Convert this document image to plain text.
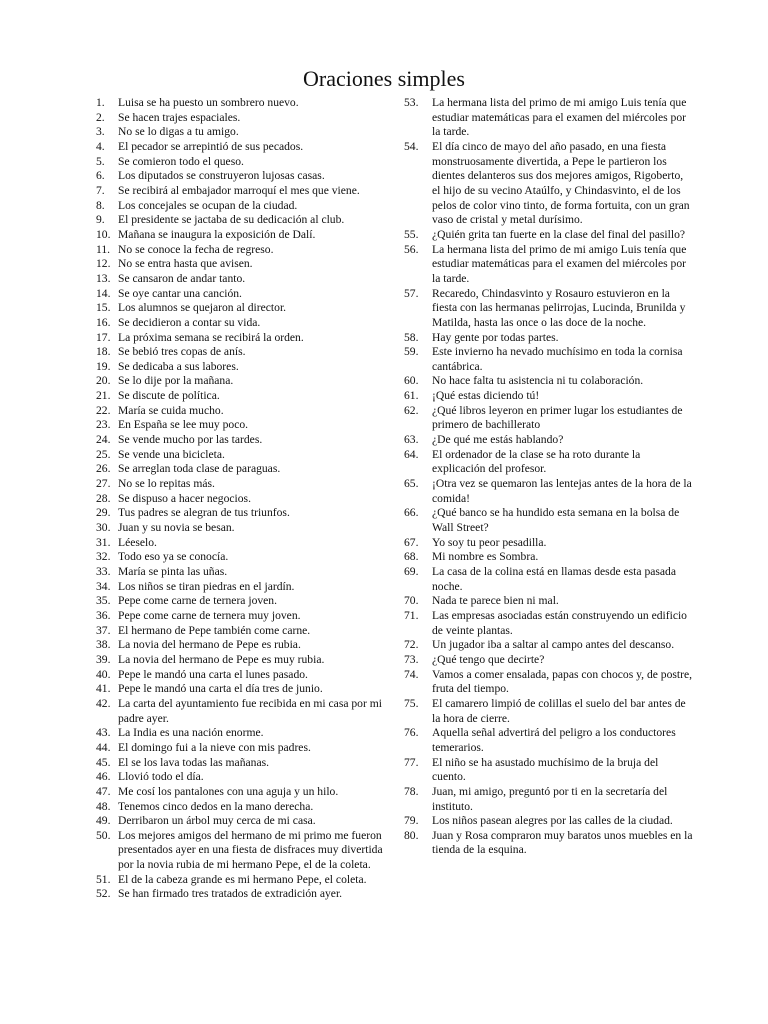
Oraciones simples
1.	Luisa se ha puesto un sombrero nuevo.
2.	Se hacen trajes espaciales.
3.	No se lo digas a tu amigo.
4.	El pecador se arrepintió de sus pecados.
5.	Se comieron todo el queso.
6.	Los diputados se construyeron lujosas casas.
7.	Se recibirá al embajador marroquí el mes que viene.
8.	Los concejales se ocupan de la ciudad.
9.	El presidente se jactaba de su dedicación al club.
10. Mañana se inaugura la exposición de Dalí.
11. No se conoce la fecha de regreso.
12. No se entra hasta que avisen.
13. Se cansaron de andar tanto.
14. Se oye cantar una canción.
15. Los alumnos se quejaron al director.
16. Se decidieron a contar su vida.
17. La próxima semana se recibirá la orden.
18. Se bebió tres copas de anís.
19. Se dedicaba a sus labores.
20. Se lo dije por la mañana.
21. Se discute de política.
22. María se cuida mucho.
23. En España se lee muy poco.
24. Se vende mucho por las tardes.
25. Se vende una bicicleta.
26. Se arreglan toda clase de paraguas.
27. No se lo repitas más.
28. Se dispuso a hacer negocios.
29. Tus padres se alegran de tus triunfos.
30. Juan y su novia se besan.
31. Léeselo.
32. Todo eso ya se conocía.
33. María se pinta las uñas.
34. Los niños se tiran piedras en el jardín.
35. Pepe come carne de ternera joven.
36. Pepe come carne de ternera muy joven.
37. El hermano de Pepe también come carne.
38. La novia del hermano de Pepe es rubia.
39. La novia del hermano de Pepe es muy rubia.
40. Pepe le mandó una carta el lunes pasado.
41. Pepe le mandó una carta el día tres de junio.
42. La carta del ayuntamiento fue recibida en mi casa por mi padre ayer.
43. La India es una nación enorme.
44. El domingo fui a la nieve con mis padres.
45. El se los lava todas las mañanas.
46. Llovió todo el día.
47. Me cosí los pantalones con una aguja y un hilo.
48. Tenemos cinco dedos en la mano derecha.
49. Derribaron un árbol muy cerca de mi casa.
50. Los mejores amigos del hermano de mi primo me fueron presentados ayer en una fiesta de disfraces muy divertida por la novia rubia de mi hermano Pepe, el de la coleta.
51. El de la cabeza grande es mi hermano Pepe, el coleta.
52. Se han firmado tres tratados de extradición ayer.
53.	La hermana lista del primo de mi amigo Luis tenía que estudiar matemáticas para el examen del miércoles por la tarde.
54.	El día cinco de mayo del año pasado, en una fiesta monstruosamente divertida, a Pepe le partieron los dientes delanteros sus dos mejores amigos, Rigoberto, el hijo de su vecino Ataúlfo, y Chindasvinto, el de los pelos de color vino tinto, de forma fortuita, con un gran vaso de cristal y metal durísimo.
55.	¿Quién grita tan fuerte en la clase del final del pasillo?
56.	La hermana lista del primo de mi amigo Luis tenía que estudiar matemáticas para el examen del miércoles por la tarde.
57.	Recaredo, Chindasvinto y Rosauro estuvieron en la fiesta con las hermanas pelirrojas, Lucinda, Brunilda y Matilda, hasta las once o las doce de la noche.
58.	Hay gente por todas partes.
59.	Este invierno ha nevado muchísimo en toda la cornisa cantábrica.
60.	No hace falta tu asistencia ni tu colaboración.
61.	¡Qué estas diciendo tú!
62.	¿Qué libros leyeron en primer lugar los estudiantes de primero de bachillerato
63.	¿De qué me estás hablando?
64.	El ordenador de la clase se ha roto durante la explicación del profesor.
65.	¡Otra vez se quemaron las lentejas antes de la hora de la comida!
66.	¿Qué banco se ha hundido esta semana en la bolsa de Wall Street?
67.	Yo soy tu peor pesadilla.
68.	Mi nombre es Sombra.
69.	La casa de la colina está en llamas desde esta pasada noche.
70.	Nada te parece bien ni mal.
71.	Las empresas asociadas están construyendo un edificio de veinte plantas.
72.	Un jugador iba a saltar al campo antes del descanso.
73.	¿Qué tengo que decirte?
74.	Vamos a comer ensalada, papas con chocos y, de postre, fruta del tiempo.
75.	El camarero limpió de colillas el suelo del bar antes de la hora de cierre.
76.	Aquella señal advertirá del peligro a los conductores temerarios.
77.	El niño se ha asustado muchísimo de la bruja del cuento.
78.	Juan, mi amigo, preguntó por ti en la secretaría del instituto.
79.	Los niños pasean alegres por las calles de la ciudad.
80.	Juan y Rosa compraron muy baratos unos muebles en la tienda de la esquina.
